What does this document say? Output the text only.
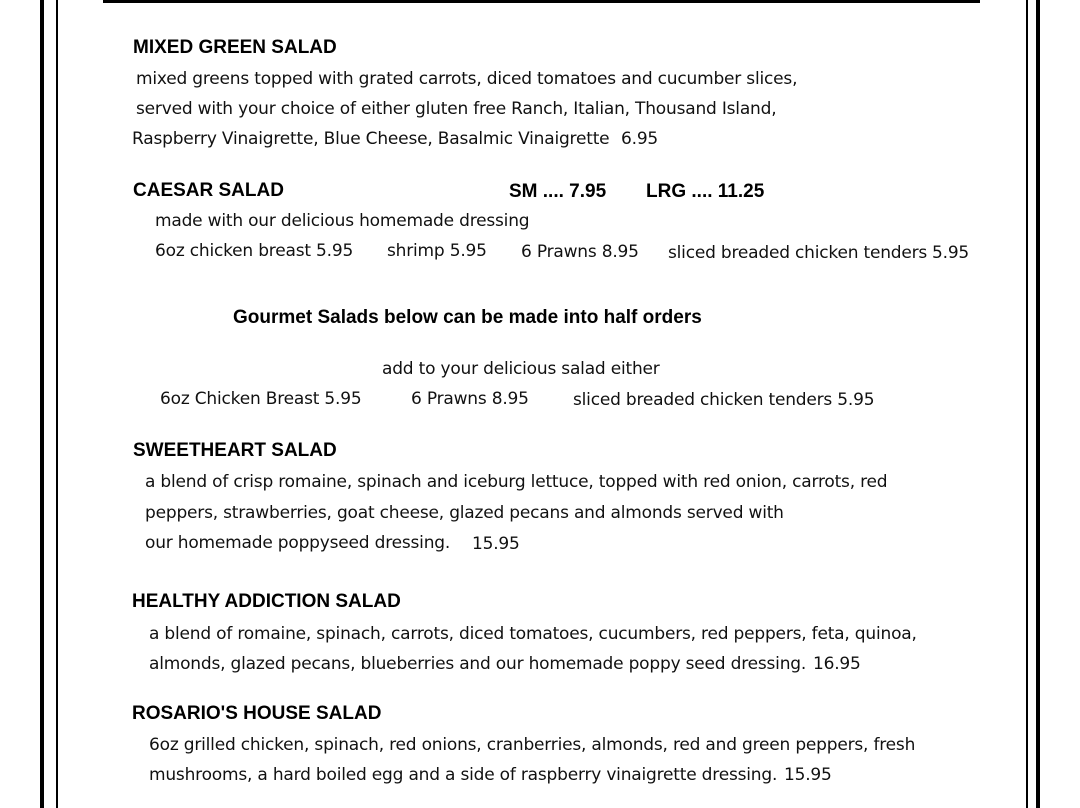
MIXED GREEN SALAD
mixed greens topped with grated carrots, diced tomatoes and cucumber slices,
served with your choice of either gluten free Ranch, Italian, Thousand Island,
Raspberry Vinaigrette, Blue Cheese, Basalmic Vinaigrette 6.95
CAESAR SALAD	SM .... 7.95 LRG .... 11.25
made with our delicious homemade dressing
6oz chicken breast 5.95 shrimp 5.95 6 Prawns 8.95 sliced breaded chicken tenders 5.95
Gourmet Salads below can be made into half orders
add to your delicious salad either
6oz Chicken Breast 5.95	6 Prawns 8.95	sliced breaded chicken tenders 5.95
SWEETHEART SALAD
a blend of crisp romaine, spinach and iceburg lettuce, topped with red onion, carrots, red
peppers, strawberries, goat cheese, glazed pecans and almonds served with
our homemade poppyseed dressing. 15.95
HEALTHY ADDICTION SALAD
a blend of romaine, spinach, carrots, diced tomatoes, cucumbers, red peppers, feta, quinoa,
almonds, glazed pecans, blueberries and our homemade poppy seed dressing. 16.95
ROSARIO'S HOUSE SALAD
6oz grilled chicken, spinach, red onions, cranberries, almonds, red and green peppers, fresh
mushrooms, a hard boiled egg and a side of raspberry vinaigrette dressing. 15.95
